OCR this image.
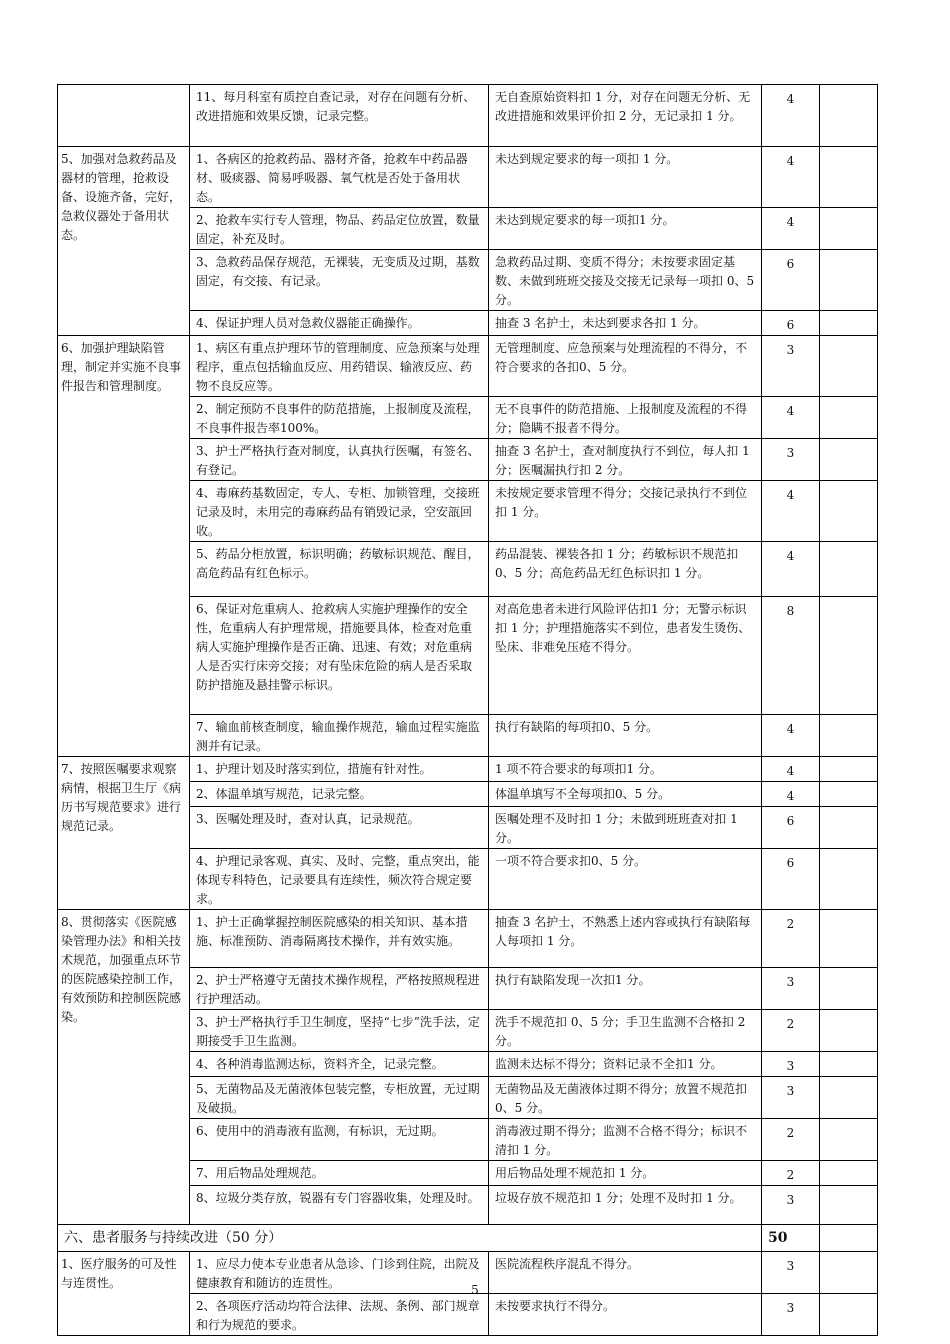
	11、每月科室有质控自查记录，对存在问题有分析、改进措施和效果反馈，记录完整。	无自查原始资料扣 1 分，对存在问题无分析、无改进措施和效果评价扣 2 分，无记录扣 1 分。	4	
5、加强对急救药品及器材的管理，抢救设备、设施齐备，完好，急救仪器处于备用状态。	1、各病区的抢救药品、器材齐备，抢救车中药品器材、吸痰器、简易呼吸器、氧气枕是否处于备用状态。	未达到规定要求的每一项扣 1 分。	4	
	2、抢救车实行专人管理，物品、药品定位放置，数量固定，补充及时。	未达到规定要求的每一项扣1 分。	4	
	3、急救药品保存规范，无裸装，无变质及过期，基数固定，有交接、有记录。	急救药品过期、变质不得分；未按要求固定基数、未做到班班交接及交接无记录每一项扣 0、5 分。	6	
	4、保证护理人员对急救仪器能正确操作。	抽查 3 名护士，未达到要求各扣 1 分。	6	
6、加强护理缺陷管理，制定并实施不良事件报告和管理制度。	1、病区有重点护理环节的管理制度、应急预案与处理程序，重点包括输血反应、用药错误、输液反应、药物不良反应等。	无管理制度、应急预案与处理流程的不得分，不符合要求的各扣0、5 分。	3	
	2、制定预防不良事件的防范措施，上报制度及流程，不良事件报告率100%。	无不良事件的防范措施、上报制度及流程的不得分；隐瞒不报者不得分。	4	
	3、护士严格执行查对制度，认真执行医嘱，有签名、有登记。	抽查 3 名护士，查对制度执行不到位，每人扣 1 分；医嘱漏执行扣 2 分。	3	
	4、毒麻药基数固定，专人、专柜、加锁管理，交接班记录及时，未用完的毒麻药品有销毁记录，空安瓿回收。	未按规定要求管理不得分；交接记录执行不到位扣 1 分。	4	
	5、药品分柜放置，标识明确；药敏标识规范、醒目，高危药品有红色标示。	药品混装、裸装各扣 1 分；药敏标识不规范扣 0、5 分；高危药品无红色标识扣 1 分。	4	
	6、保证对危重病人、抢救病人实施护理操作的安全性，危重病人有护理常规，措施要具体，检查对危重病人实施护理操作是否正确、迅速、有效；对危重病人是否实行床旁交接；对有坠床危险的病人是否采取防护措施及悬挂警示标识。	对高危患者未进行风险评估扣1 分；无警示标识扣 1 分；护理措施落实不到位，患者发生烫伤、坠床、非难免压疮不得分。	8	
	7、输血前核查制度，输血操作规范，输血过程实施监测并有记录。	执行有缺陷的每项扣0、5 分。	4	
7、按照医嘱要求观察病情，根据卫生厅《病历书写规范要求》进行规范记录。	1、护理计划及时落实到位，措施有针对性。	1 项不符合要求的每项扣1 分。	4	
	2、体温单填写规范，记录完整。	体温单填写不全每项扣0、5 分。	4	
	3、医嘱处理及时，查对认真，记录规范。	医嘱处理不及时扣 1 分；未做到班班查对扣 1 分。	6	
	4、护理记录客观、真实、及时、完整，重点突出，能体现专科特色，记录要具有连续性，频次符合规定要求。	一项不符合要求扣0、5 分。	6	
8、贯彻落实《医院感染管理办法》和相关技术规范，加强重点环节的医院感染控制工作，有效预防和控制医院感染。	1、护士正确掌握控制医院感染的相关知识、基本措施、标准预防、消毒隔离技术操作，并有效实施。	抽查 3 名护士，不熟悉上述内容或执行有缺陷每人每项扣 1 分。	2	
	2、护士严格遵守无菌技术操作规程，严格按照规程进行护理活动。	执行有缺陷发现一次扣1 分。	3	
	3、护士严格执行手卫生制度，坚持“七步”洗手法，定期接受手卫生监测。	洗手不规范扣 0、5 分；手卫生监测不合格扣 2 分。	2	
	4、各种消毒监测达标，资料齐全，记录完整。	监测未达标不得分；资料记录不全扣1 分。	3	
	5、无菌物品及无菌液体包装完整，专柜放置，无过期及破损。	无菌物品及无菌液体过期不得分；放置不规范扣0、5 分。	3	
	6、使用中的消毒液有监测，有标识，无过期。	消毒液过期不得分；监测不合格不得分；标识不清扣 1 分。	2	
	7、用后物品处理规范。	用后物品处理不规范扣 1 分。	2	
	8、垃圾分类存放，锐器有专门容器收集，处理及时。	垃圾存放不规范扣 1 分；处理不及时扣 1 分。	3	
六、患者服务与持续改进（50 分）			50	
1、医疗服务的可及性与连贯性。	1、应尽力使本专业患者从急诊、门诊到住院，出院及健康教育和随访的连贯性。	医院流程秩序混乱不得分。	3	
	2、各项医疗活动均符合法律、法规、条例、部门规章和行为规范的要求。	未按要求执行不得分。	3	
5
